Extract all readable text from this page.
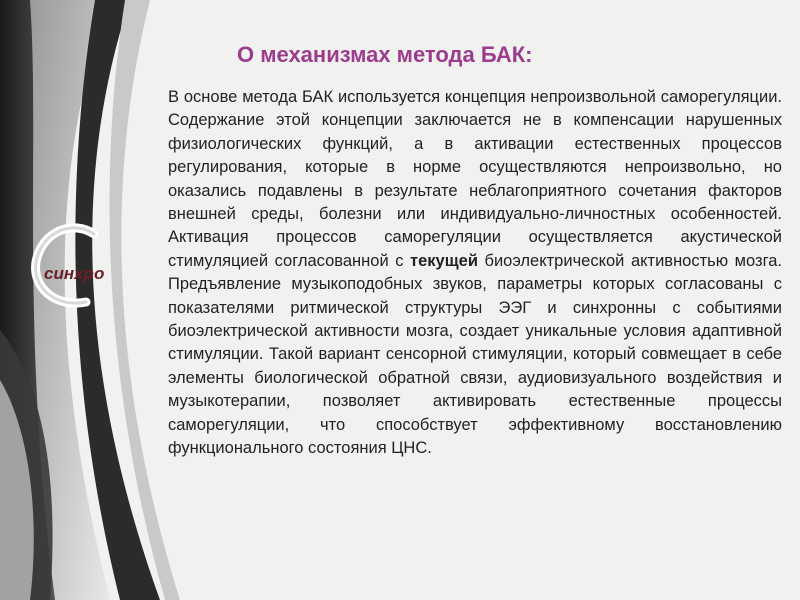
синхро
О механизмах метода БАК:
В основе метода БАК используется концепция непроизвольной саморегуляции. Содержание этой концепции заключается не в компенсации нарушенных физиологических функций, а в активации естественных процессов регулирования, которые в норме осуществляются непроизвольно, но оказались подавлены в результате неблагоприятного сочетания факторов внешней среды, болезни или индивидуально-личностных особенностей. Активация процессов саморегуляции осуществляется акустической стимуляцией согласованной с текущей биоэлектрической активностью мозга. Предъявление музыкоподобных звуков, параметры которых согласованы с показателями ритмической структуры ЭЭГ и синхронны с событиями биоэлектрической активности мозга, создает уникальные условия адаптивной стимуляции. Такой вариант сенсорной стимуляции, который совмещает в себе элементы биологической обратной связи, аудиовизуального воздействия и музыкотерапии, позволяет активировать естественные процессы саморегуляции, что способствует эффективному восстановлению функционального состояния ЦНС.
